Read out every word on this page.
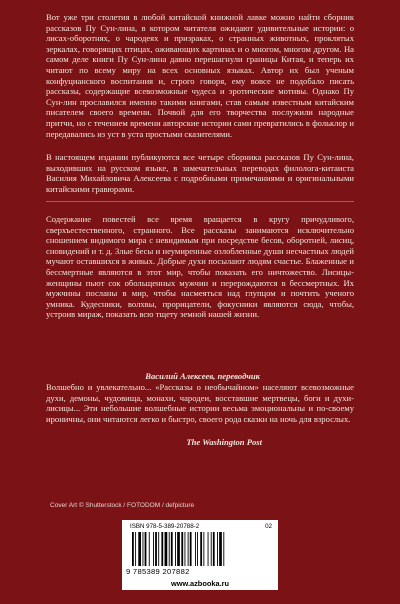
Вот уже три столетия в любой китайской книжной лавке можно найти сборник рассказов Пу Сун-лина, в котором читателя ожидают удивительные истории: о лисах-оборотнях, о чародеях и призраках, о странных животных, проклятых зеркалах, говорящих птицах, оживающих картинах и о многом, многом другом. На самом деле книги Пу Сун-лина давно перешагнули границы Китая, и теперь их читают по всему миру на всех основных языках. Автор их был ученым конфуцианского воспитания и, строго говоря, ему вовсе не подобало писать рассказы, содержащие всевозможные чудеса и эротические мотивы. Однако Пу Сун-лин прославился именно такими книгами, став самым известным китайским писателем своего времени. Почвой для его творчества послужили народные притчи, но с течением времени авторские истории сами превратились в фольклор и передавались из уст в уста простыми сказителями.

В настоящем издании публикуются все четыре сборника рассказов Пу Сун-лина, выходивших на русском языке, в замечательных переводах филолога-китаиста Василия Михайловича Алексеева с подробными примечаниями и оригинальными китайскими гравюрами.

Содержание повестей все время вращается в кругу причудливого, сверхъестественного, странного. Все рассказы занимаются исключительно сношением видимого мира с невидимым при посредстве бесов, оборотней, лисиц, сновидений и т. д. Злые бесы и неумиренные озлобленные души несчастных людей мучают оставшихся в живых. Добрые духи посылают людям счастье. Блаженные и бессмертные являются в этот мир, чтобы показать его ничтожество. Лисицы-женщины пьют сок обольщенных мужчин и перерождаются в бессмертных. Их мужчины посланы в мир, чтобы насмеяться над глупцом и почтить ученого умника. Кудесники, волхвы, прорицатели, фокусники являются сюда, чтобы, устроив мираж, показать всю тщету земной нашей жизни.

Василий Алексеев, переводчик

Волшебно и увлекательно... «Рассказы о необычайном» населяют всевозможные духи, демоны, чудовища, монахи, чародеи, восставшие мертвецы, боги и духи-лисицы... Эти небольшие волшебные истории весьма эмоциональны и по-своему ироничны, они читаются легко и быстро, своего рода сказки на ночь для взрослых.

The Washington Post
Cover Art © Shutterstock / FOTODOM / defpicture
ISBN 978-5-389-20788-2	02
9 785389 207882
www.azbooka.ru
